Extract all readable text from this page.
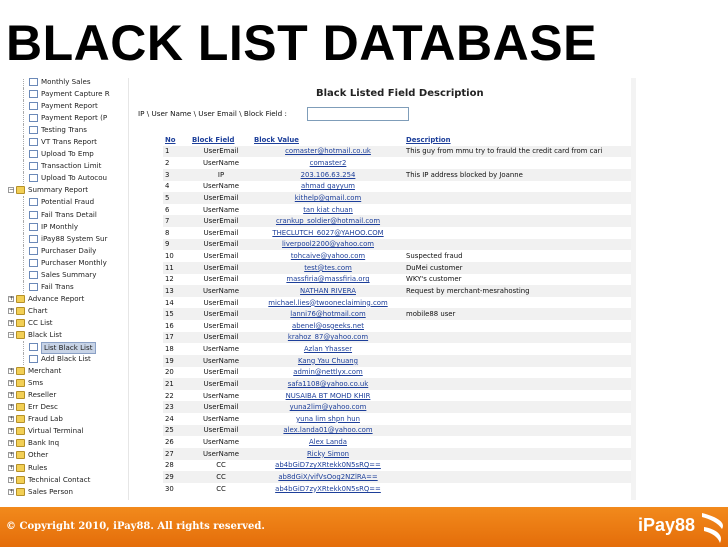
BLACK LIST DATABASE
Monthly Sales
Payment Capture R
Payment Report
Payment Report (P
Testing Trans
VT Trans Report
Upload To Emp
Transaction Limit
Upload To Autocou
− Summary Report
Potential Fraud
Fail Trans Detail
IP Monthly
iPay88 System Sur
Purchaser Daily
Purchaser Monthly
Sales Summary
Fail Trans
+ Advance Report
+ Chart
+ CC List
− Black List
List Black List
Add Black List
+ Merchant
+ Sms
+ Reseller
+ Err Desc
+ Fraud Lab
+ Virtual Terminal
+ Bank Inq
+ Other
+ Rules
+ Technical Contact
+ Sales Person
Black Listed Field Description
IP \ User Name \ User Email \ Block Field :
No	Block Field	Block Value	Description
1	UserEmail	comaster@hotmail.co.uk	This guy from mmu try to frauld the credit card from cari
2	UserName	comaster2	
3	IP	203.106.63.254	This IP address blocked by Joanne
4	UserName	ahmad gayyum	
5	UserEmail	kithelp@gmail.com	
6	UserName	tan kiat chuan	
7	UserEmail	crankup_soldier@hotmail.com	
8	UserEmail	THECLUTCH_6027@YAHOO.COM	
9	UserEmail	liverpool2200@yahoo.com	
10	UserEmail	tohcaive@yahoo.com	Suspected fraud
11	UserEmail	test@tes.com	DuMei customer
12	UserEmail	massfiria@massfiria.org	WKY's customer
13	UserName	NATHAN RIVERA	Request by merchant-mesrahosting
14	UserEmail	michael.lies@twooneclaiming.com	
15	UserEmail	lanni76@hotmail.com	mobile88 user
16	UserEmail	abenel@osgeeks.net	
17	UserEmail	krahoz_87@yahoo.com	
18	UserName	Azlan Yhasser	
19	UserName	Kang Yau Chuang	
20	UserEmail	admin@nettlyx.com	
21	UserEmail	safa1108@yahoo.co.uk	
22	UserName	NUSAIBA BT MOHD KHIR	
23	UserEmail	yuna2lim@yahoo.com	
24	UserName	yuna lim shpn hun	
25	UserEmail	alex.landa01@yahoo.com	
26	UserName	Alex Landa	
27	UserName	Ricky Simon	
28	CC	ab4bGiD7zyXRtekk0N5sRQ==	
29	CC	ab8dGiX/vifVsOog2NZlRA==	
30	CC	ab4bGiD7zyXRtekk0N5sRQ==	
© Copyright 2010, iPay88. All rights reserved.	iPay88
